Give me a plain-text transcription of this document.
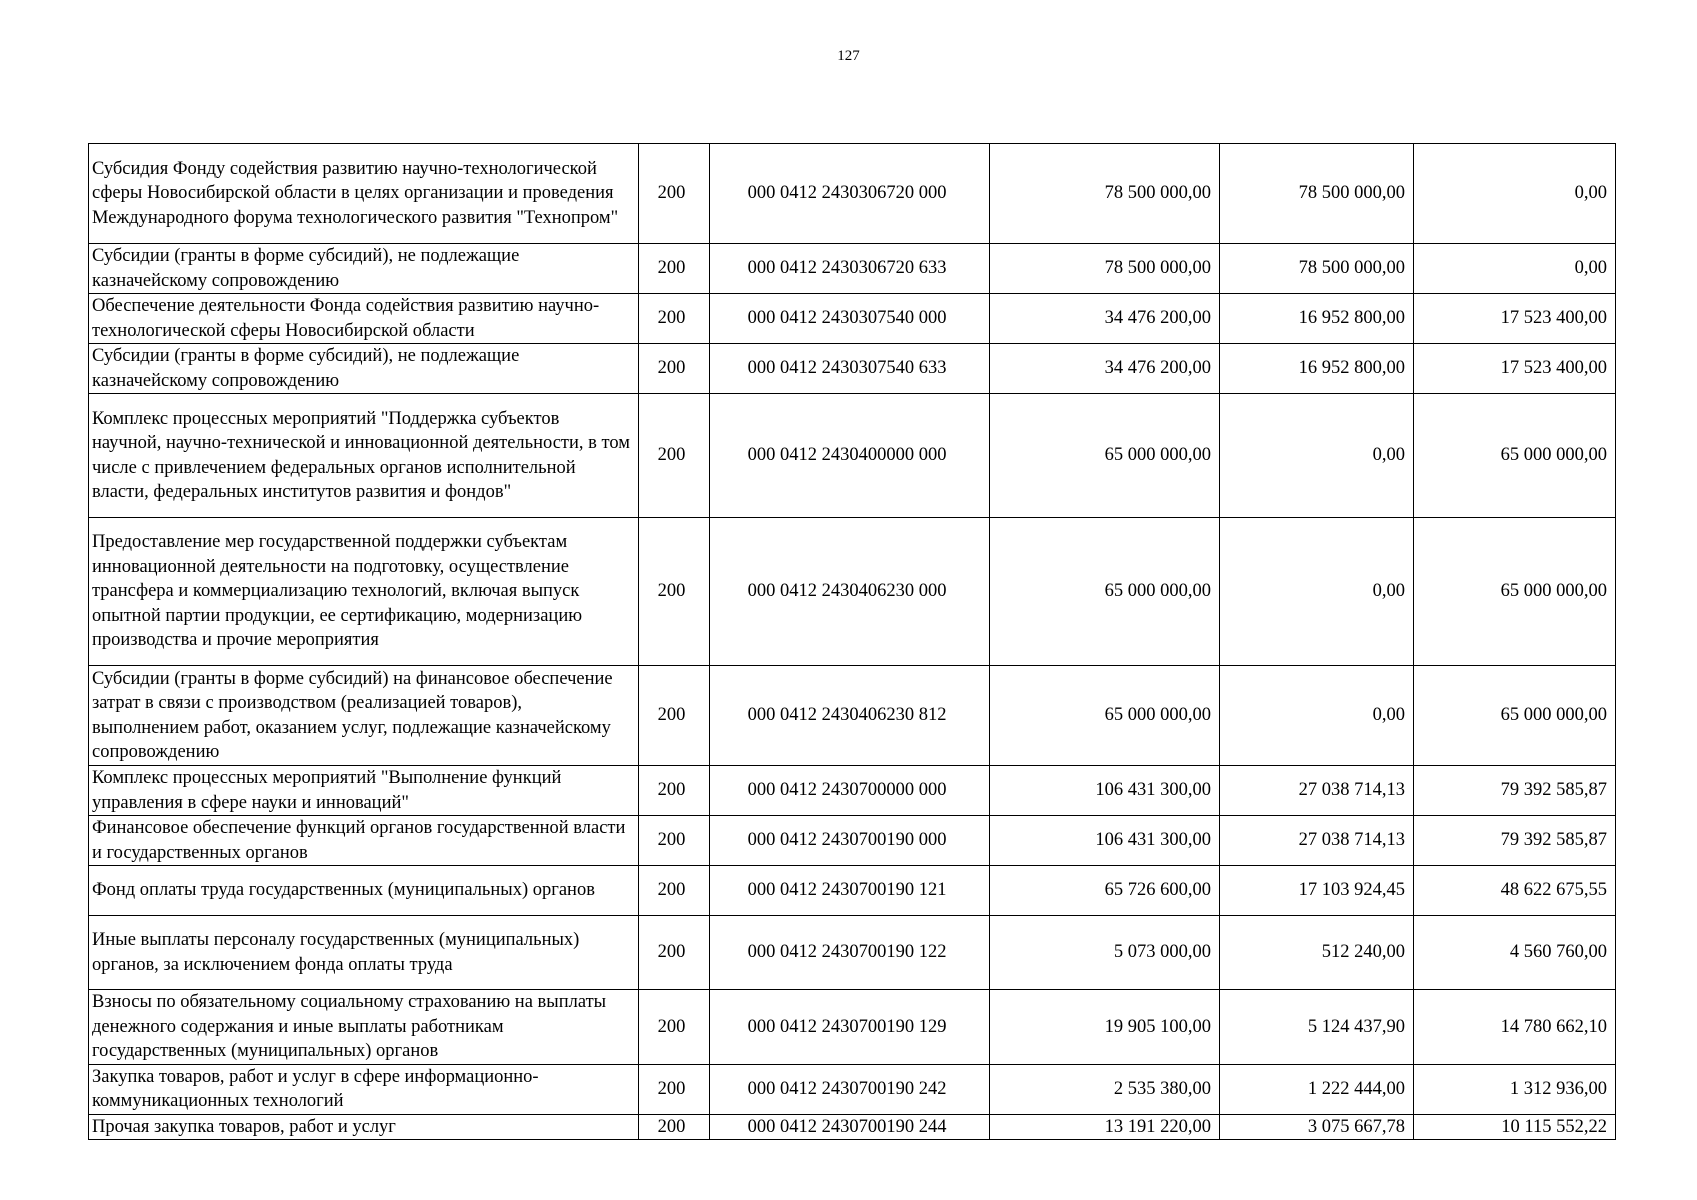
127
Субсидия Фонду содействия развитию научно-технологической сферы Новосибирской области в целях организации и проведения Международного форума технологического развития "Технопром"	200	000 0412 2430306720 000	78 500 000,00	78 500 000,00	0,00
Субсидии (гранты в форме субсидий), не подлежащие казначейскому сопровождению	200	000 0412 2430306720 633	78 500 000,00	78 500 000,00	0,00
Обеспечение деятельности Фонда содействия развитию научно-технологической сферы Новосибирской области	200	000 0412 2430307540 000	34 476 200,00	16 952 800,00	17 523 400,00
Субсидии (гранты в форме субсидий), не подлежащие казначейскому сопровождению	200	000 0412 2430307540 633	34 476 200,00	16 952 800,00	17 523 400,00
Комплекс процессных мероприятий "Поддержка субъектов научной, научно-технической и инновационной деятельности, в том числе с привлечением федеральных органов исполнительной власти, федеральных институтов развития и фондов"	200	000 0412 2430400000 000	65 000 000,00	0,00	65 000 000,00
Предоставление мер государственной поддержки субъектам инновационной деятельности на подготовку, осуществление трансфера и коммерциализацию технологий, включая выпуск опытной партии продукции, ее сертификацию, модернизацию производства и прочие мероприятия	200	000 0412 2430406230 000	65 000 000,00	0,00	65 000 000,00
Субсидии (гранты в форме субсидий) на финансовое обеспечение затрат в связи с производством (реализацией товаров), выполнением работ, оказанием услуг, подлежащие казначейскому сопровождению	200	000 0412 2430406230 812	65 000 000,00	0,00	65 000 000,00
Комплекс процессных мероприятий "Выполнение функций управления в сфере науки и инноваций"	200	000 0412 2430700000 000	106 431 300,00	27 038 714,13	79 392 585,87
Финансовое обеспечение функций органов государственной власти и государственных органов	200	000 0412 2430700190 000	106 431 300,00	27 038 714,13	79 392 585,87
Фонд оплаты труда государственных (муниципальных) органов	200	000 0412 2430700190 121	65 726 600,00	17 103 924,45	48 622 675,55
Иные выплаты персоналу государственных (муниципальных) органов, за исключением фонда оплаты труда	200	000 0412 2430700190 122	5 073 000,00	512 240,00	4 560 760,00
Взносы по обязательному социальному страхованию на выплаты денежного содержания и иные выплаты работникам государственных (муниципальных) органов	200	000 0412 2430700190 129	19 905 100,00	5 124 437,90	14 780 662,10
Закупка товаров, работ и услуг в сфере информационно-коммуникационных технологий	200	000 0412 2430700190 242	2 535 380,00	1 222 444,00	1 312 936,00
Прочая закупка товаров, работ и услуг	200	000 0412 2430700190 244	13 191 220,00	3 075 667,78	10 115 552,22
